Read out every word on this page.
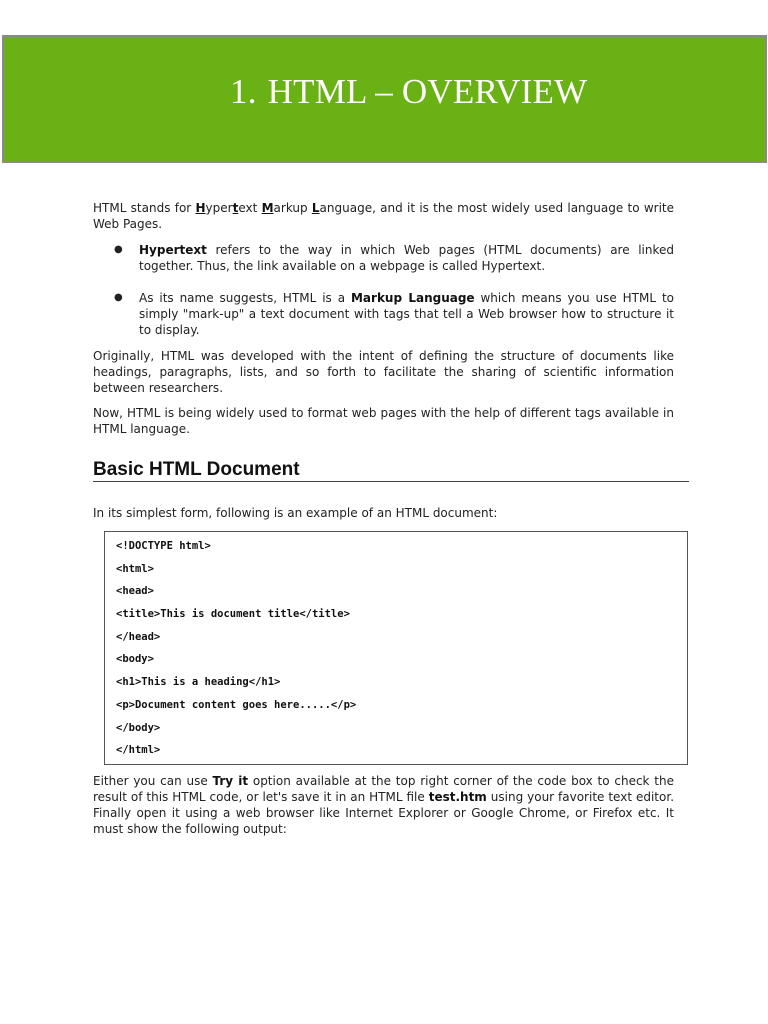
1. HTML – OVERVIEW

HTML stands for Hypertext Markup Language, and it is the most widely used language to write Web Pages.

● Hypertext refers to the way in which Web pages (HTML documents) are linked together. Thus, the link available on a webpage is called Hypertext.

● As its name suggests, HTML is a Markup Language which means you use HTML to simply "mark-up" a text document with tags that tell a Web browser how to structure it to display.

Originally, HTML was developed with the intent of defining the structure of documents like headings, paragraphs, lists, and so forth to facilitate the sharing of scientific information between researchers.

Now, HTML is being widely used to format web pages with the help of different tags available in HTML language.

Basic HTML Document

In its simplest form, following is an example of an HTML document:

<!DOCTYPE html>
<html>
<head>
<title>This is document title</title>
</head>
<body>
<h1>This is a heading</h1>
<p>Document content goes here.....</p>
</body>
</html>

Either you can use Try it option available at the top right corner of the code box to check the result of this HTML code, or let's save it in an HTML file test.htm using your favorite text editor. Finally open it using a web browser like Internet Explorer or Google Chrome, or Firefox etc. It must show the following output:
